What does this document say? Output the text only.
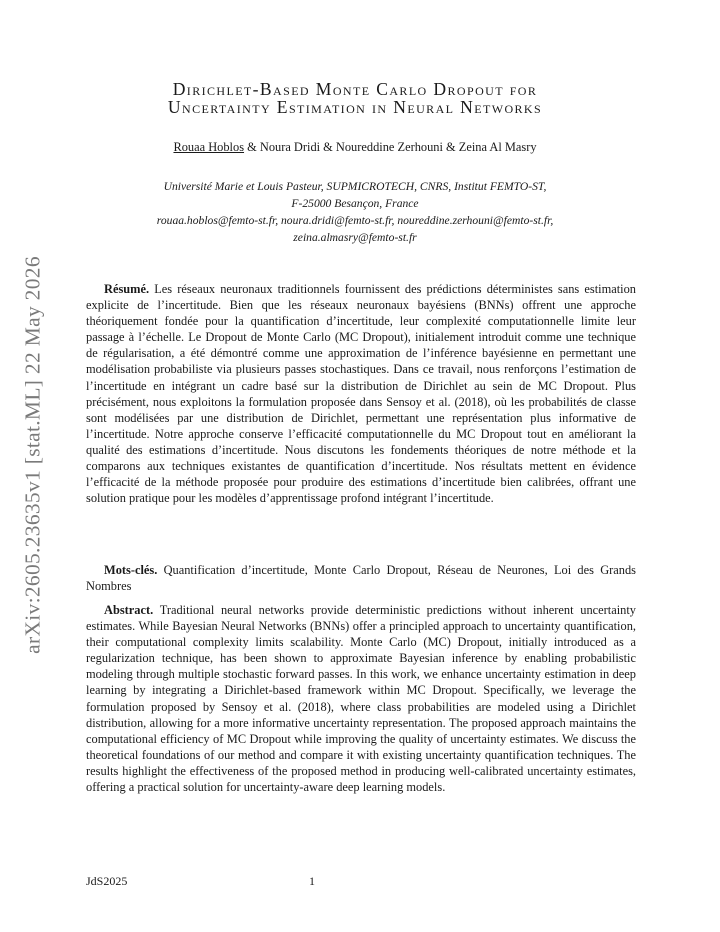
arXiv:2605.23635v1 [stat.ML] 22 May 2026
Dirichlet-Based Monte Carlo Dropout for
Uncertainty Estimation in Neural Networks
Rouaa Hoblos & Noura Dridi & Noureddine Zerhouni & Zeina Al Masry
Université Marie et Louis Pasteur, SUPMICROTECH, CNRS, Institut FEMTO-ST,
F-25000 Besançon, France
rouaa.hoblos@femto-st.fr, noura.dridi@femto-st.fr, noureddine.zerhouni@femto-st.fr,
zeina.almasry@femto-st.fr

Résumé. Les réseaux neuronaux traditionnels fournissent des prédictions déterministes sans estimation explicite de l’incertitude. Bien que les réseaux neuronaux bayésiens (BNNs) offrent une approche théoriquement fondée pour la quantification d’incertitude, leur complexité computationnelle limite leur passage à l’échelle. Le Dropout de Monte Carlo (MC Dropout), initialement introduit comme une technique de régularisation, a été démontré comme une approximation de l’inférence bayésienne en permettant une modélisation probabiliste via plusieurs passes stochastiques. Dans ce travail, nous renforçons l’estimation de l’incertitude en intégrant un cadre basé sur la distribution de Dirichlet au sein de MC Dropout. Plus précisément, nous exploitons la formulation proposée dans Sensoy et al. (2018), où les probabilités de classe sont modélisées par une distribution de Dirichlet, permettant une représentation plus informative de l’incertitude. Notre approche conserve l’efficacité computationnelle du MC Dropout tout en améliorant la qualité des estimations d’incertitude. Nous discutons les fondements théoriques de notre méthode et la comparons aux techniques existantes de quantification d’incertitude. Nos résultats mettent en évidence l’efficacité de la méthode proposée pour produire des estimations d’incertitude bien calibrées, offrant une solution pratique pour les modèles d’apprentissage profond intégrant l’incertitude.

Mots-clés. Quantification d’incertitude, Monte Carlo Dropout, Réseau de Neurones, Loi des Grands Nombres

Abstract. Traditional neural networks provide deterministic predictions without inherent uncertainty estimates. While Bayesian Neural Networks (BNNs) offer a principled approach to uncertainty quantification, their computational complexity limits scalability. Monte Carlo (MC) Dropout, initially introduced as a regularization technique, has been shown to approximate Bayesian inference by enabling probabilistic modeling through multiple stochastic forward passes. In this work, we enhance uncertainty estimation in deep learning by integrating a Dirichlet-based framework within MC Dropout. Specifically, we leverage the formulation proposed by Sensoy et al. (2018), where class probabilities are modeled using a Dirichlet distribution, allowing for a more informative uncertainty representation. The proposed approach maintains the computational efficiency of MC Dropout while improving the quality of uncertainty estimates. We discuss the theoretical foundations of our method and compare it with existing uncertainty quantification techniques. The results highlight the effectiveness of the proposed method in producing well-calibrated uncertainty estimates, offering a practical solution for uncertainty-aware deep learning models.

JdS2025	1
